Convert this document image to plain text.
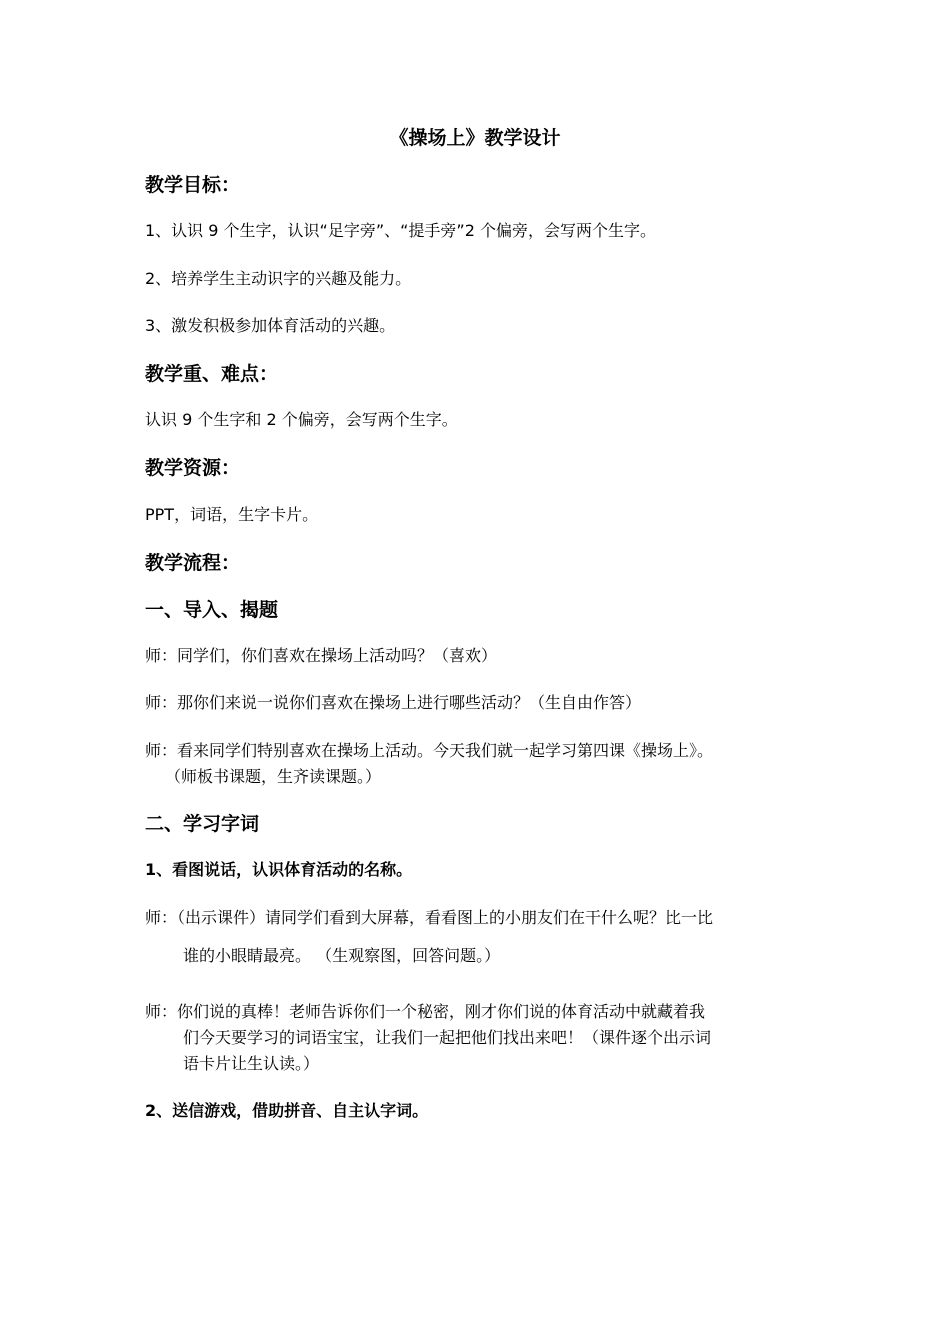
《操场上》教学设计
教学目标：
1、认识 9 个生字，认识“足字旁”、“提手旁”2 个偏旁，会写两个生字。
2、培养学生主动识字的兴趣及能力。
3、激发积极参加体育活动的兴趣。
教学重、难点：
认识 9 个生字和 2 个偏旁，会写两个生字。
教学资源：
PPT，词语，生字卡片。
教学流程：
一、导入、揭题
师：同学们，你们喜欢在操场上活动吗？（喜欢）
师：那你们来说一说你们喜欢在操场上进行哪些活动？（生自由作答）
师：看来同学们特别喜欢在操场上活动。今天我们就一起学习第四课《操场上》。
（师板书课题，生齐读课题。）
二、学习字词
1、看图说话，认识体育活动的名称。
师：（出示课件）请同学们看到大屏幕，看看图上的小朋友们在干什么呢？比一比
谁的小眼睛最亮。 （生观察图，回答问题。）
师：你们说的真棒！老师告诉你们一个秘密，刚才你们说的体育活动中就藏着我
们今天要学习的词语宝宝，让我们一起把他们找出来吧！（课件逐个出示词
语卡片让生认读。）
2、送信游戏，借助拼音、自主认字词。
